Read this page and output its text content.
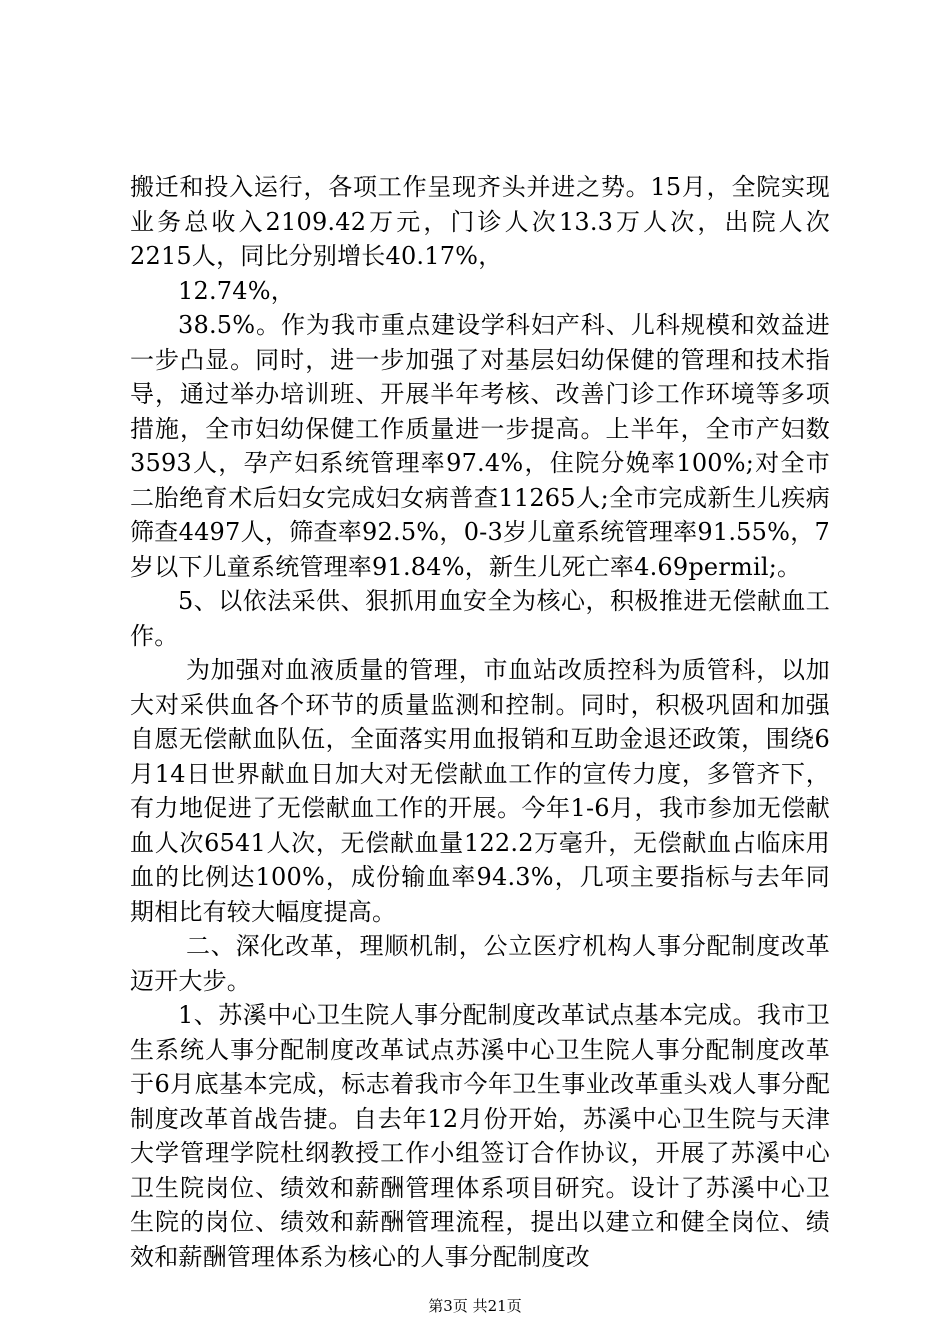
搬迁和投入运行，各项工作呈现齐头并进之势。15月，全院实现业务总收入2109.42万元，门诊人次13.3万人次，出院人次2215人，同比分别增长40.17%，

12.74%，

38.5%。作为我市重点建设学科妇产科、儿科规模和效益进一步凸显。同时，进一步加强了对基层妇幼保健的管理和技术指导，通过举办培训班、开展半年考核、改善门诊工作环境等多项措施，全市妇幼保健工作质量进一步提高。上半年，全市产妇数3593人，孕产妇系统管理率97.4%，住院分娩率100%;对全市二胎绝育术后妇女完成妇女病普查11265人;全市完成新生儿疾病筛查4497人，筛查率92.5%，0-3岁儿童系统管理率91.55%，7岁以下儿童系统管理率91.84%，新生儿死亡率4.69permil;。

5、以依法采供、狠抓用血安全为核心，积极推进无偿献血工作。

为加强对血液质量的管理，市血站改质控科为质管科，以加大对采供血各个环节的质量监测和控制。同时，积极巩固和加强自愿无偿献血队伍，全面落实用血报销和互助金退还政策，围绕6月14日世界献血日加大对无偿献血工作的宣传力度，多管齐下，有力地促进了无偿献血工作的开展。今年1-6月，我市参加无偿献血人次6541人次，无偿献血量122.2万毫升，无偿献血占临床用血的比例达100%，成份输血率94.3%，几项主要指标与去年同期相比有较大幅度提高。

二、深化改革，理顺机制，公立医疗机构人事分配制度改革迈开大步。

1、苏溪中心卫生院人事分配制度改革试点基本完成。我市卫生系统人事分配制度改革试点苏溪中心卫生院人事分配制度改革于6月底基本完成，标志着我市今年卫生事业改革重头戏人事分配制度改革首战告捷。自去年12月份开始，苏溪中心卫生院与天津大学管理学院杜纲教授工作小组签订合作协议，开展了苏溪中心卫生院岗位、绩效和薪酬管理体系项目研究。设计了苏溪中心卫生院的岗位、绩效和薪酬管理流程，提出以建立和健全岗位、绩效和薪酬管理体系为核心的人事分配制度改

第3页 共21页
